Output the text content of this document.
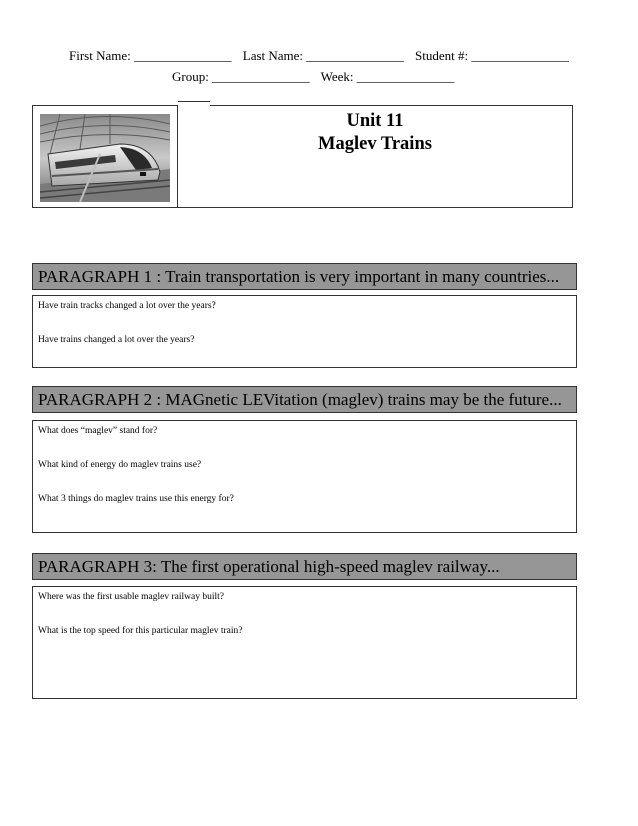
First Name: _______________ Last Name: _______________ Student #: _______________
Group: _______________ Week: _______________
Unit 11
Maglev Trains
PARAGRAPH 1 : Train transportation is very important in many countries...
Have train tracks changed a lot over the years?
Have trains changed a lot over the years?
PARAGRAPH 2 : MAGnetic LEVitation (maglev) trains may be the future...
What does “maglev” stand for?
What kind of energy do maglev trains use?
What 3 things do maglev trains use this energy for?
PARAGRAPH 3: The first operational high-speed maglev railway...
Where was the first usable maglev railway built?
What is the top speed for this particular maglev train?
